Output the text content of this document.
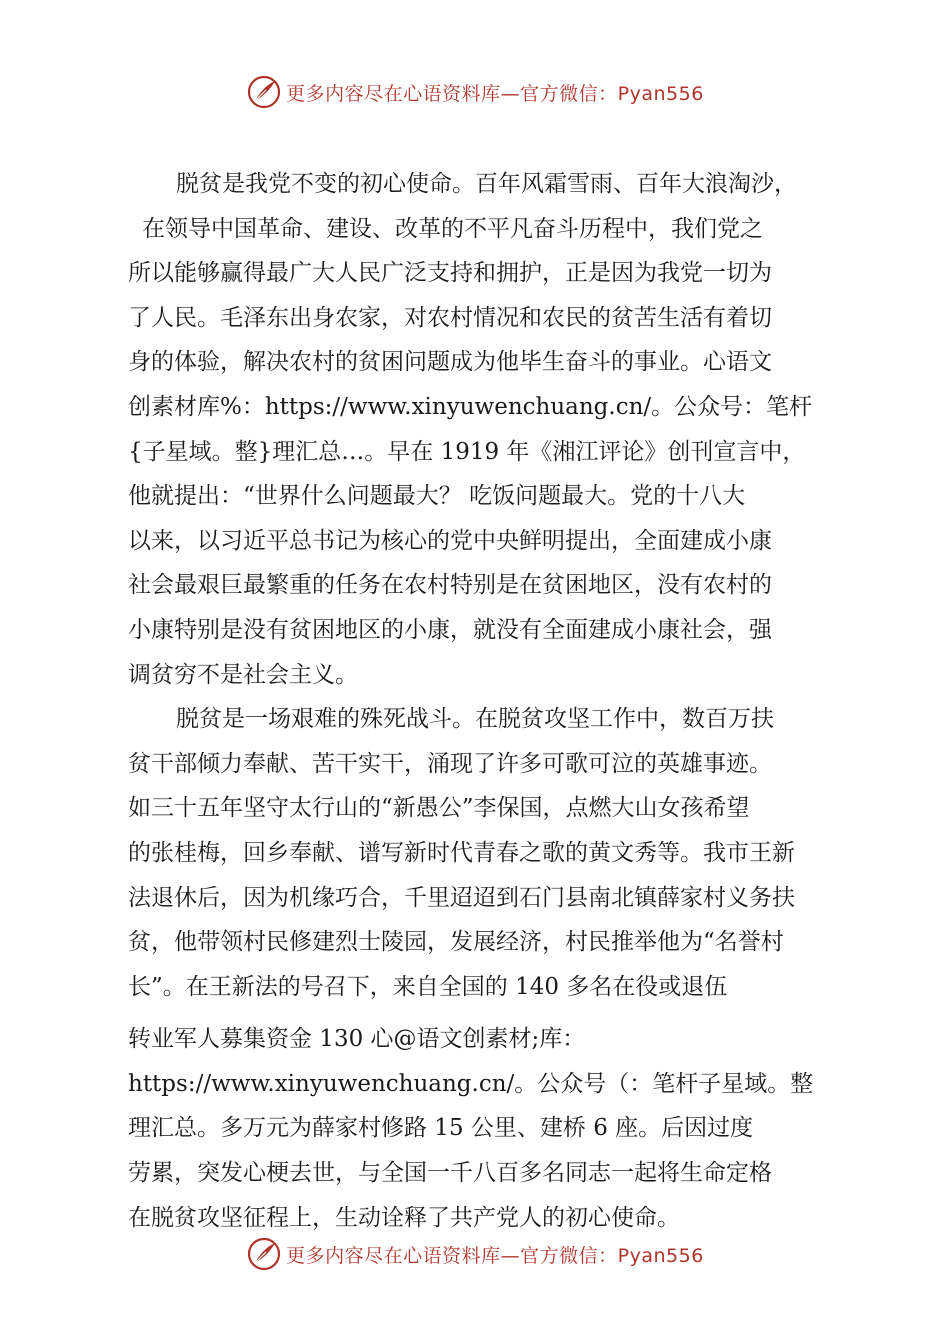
更多内容尽在心语资料库—官方微信：Pyan556
脱贫是我党不变的初心使命。百年风霜雪雨、百年大浪淘沙，
在领导中国革命、建设、改革的不平凡奋斗历程中，我们党之
所以能够赢得最广大人民广泛支持和拥护，正是因为我党一切为
了人民。毛泽东出身农家，对农村情况和农民的贫苦生活有着切
身的体验，解决农村的贫困问题成为他毕生奋斗的事业。心语文
创素材库%：https://www.xinyuwenchuang.cn/。公众号：笔杆
{子星域。整}理汇总…。早在 1919 年《湘江评论》创刊宣言中，
他就提出：“世界什么问题最大？ 吃饭问题最大。党的十八大
以来，以习近平总书记为核心的党中央鲜明提出，全面建成小康
社会最艰巨最繁重的任务在农村特别是在贫困地区，没有农村的
小康特别是没有贫困地区的小康，就没有全面建成小康社会，强
调贫穷不是社会主义。
脱贫是一场艰难的殊死战斗。在脱贫攻坚工作中，数百万扶
贫干部倾力奉献、苦干实干，涌现了许多可歌可泣的英雄事迹。
如三十五年坚守太行山的“新愚公”李保国，点燃大山女孩希望
的张桂梅，回乡奉献、谱写新时代青春之歌的黄文秀等。我市王新
法退休后，因为机缘巧合，千里迢迢到石门县南北镇薛家村义务扶
贫，他带领村民修建烈士陵园，发展经济，村民推举他为“名誉村
长”。在王新法的号召下，来自全国的 140 多名在役或退伍
转业军人募集资金 130 心@语文创素材;库：
https://www.xinyuwenchuang.cn/。公众号（：笔杆子星域。整
理汇总。多万元为薛家村修路 15 公里、建桥 6 座。后因过度
劳累，突发心梗去世，与全国一千八百多名同志一起将生命定格
在脱贫攻坚征程上，生动诠释了共产党人的初心使命。
更多内容尽在心语资料库—官方微信：Pyan556
